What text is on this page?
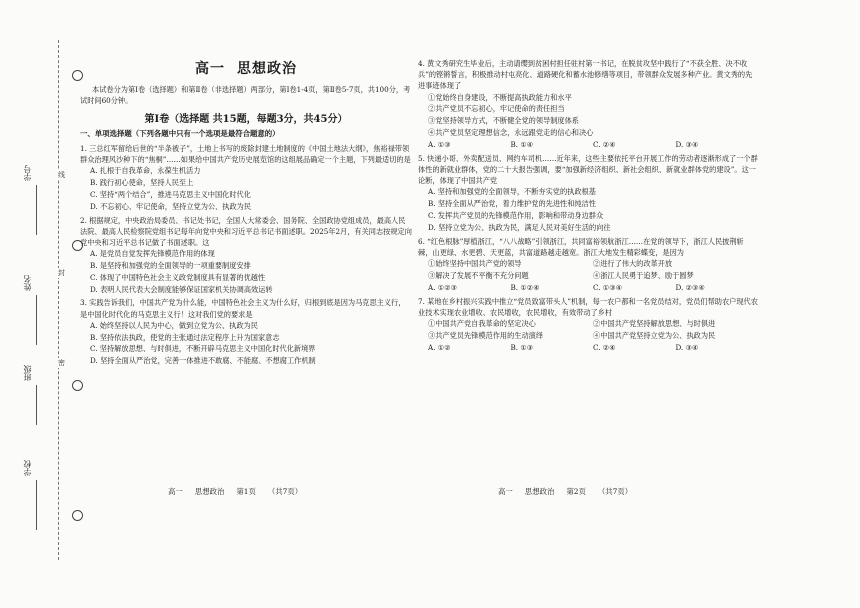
学号
姓名
班级
学校
线
封
密
高一 思想政治

本试卷分为第Ⅰ卷（选择题）和第Ⅱ卷（非选择题）两部分，第Ⅰ卷1-4页，第Ⅱ卷5-7页，共100分，考试时间60分钟。

第Ⅰ卷（选择题 共15题，每题3分，共45分）
一、单项选择题（下列各题中只有一个选项是最符合题意的）
1. 三总红军留给后世的“半条被子”，土地上书写的废除封建土地制度的《中国土地法大纲》，焦裕禄带领群众治理风沙种下的“焦桐”……如果给中国共产党历史展览馆的这组展品确定一个主题，下列最适切的是
A. 扎根于自我革命，永葆生机活力
B. 践行初心使命，坚持人民至上
C. 坚持“两个结合”，推进马克思主义中国化时代化
D. 不忘初心、牢记使命，坚持立党为公、执政为民
2. 根据规定，中央政治局委员、书记处书记，全国人大常委会、国务院、全国政协党组成员，最高人民法院、最高人民检察院党组书记每年向党中央和习近平总书记书面述职。2025年2月，有关同志按规定向党中央和习近平总书记做了书面述职。这
A. 是党员自觉发挥先锋模范作用的体现
B. 是坚持和加强党的全面领导的一项重要制度安排
C. 体现了中国特色社会主义政党制度具有显著的优越性
D. 表明人民代表大会制度能够保证国家机关协调高效运转
3. 实践告诉我们，中国共产党为什么能，中国特色社会主义为什么好，归根到底是因为马克思主义行，是中国化时代化的马克思主义行！这对我们党的要求是
A. 始终坚持以人民为中心，做到立党为公、执政为民
B. 坚持依法执政，使党的主张通过法定程序上升为国家意志
C. 坚持解放思想、与时俱进，不断开辟马克思主义中国化时代化新境界
D. 坚持全面从严治党，完善一体推进不敢腐、不能腐、不想腐工作机制
高一 思想政治 第1页 （共7页）
4. 黄文秀研究生毕业后，主动请缨到贫困村担任驻村第一书记，在脱贫攻坚中践行了“不获全胜、决不收兵”的铿锵誓言，积极推动村屯亮化、道路硬化和蓄水池修缮等项目，带领群众发展多种产业。黄文秀的先进事迹体现了
①党始终自身建设，不断提高执政能力和水平
②共产党员不忘初心，牢记使命的责任担当
③党坚持领导方式，不断健全党的领导制度体系
④共产党员坚定理想信念，永远跟党走的信心和决心
A. ①③	B. ①④	C. ②④	D. ③④
5. 快递小哥、外卖配送员、网约车司机……近年来，这些主要依托平台开展工作的劳动者逐渐形成了一个群体性的新就业群体，党的二十大报告强调，要“加强新经济组织、新社会组织、新就业群体党的建设”。这一论断，体现了中国共产党
A. 坚持和加强党的全面领导，不断夯实党的执政根基
B. 坚持全面从严治党，着力维护党的先进性和纯洁性
C. 发挥共产党员的先锋模范作用，影响和带动身边群众
D. 坚持立党为公、执政为民，满足人民对美好生活的向往
6. “红色根脉”厚植浙江，“八八战略”引领浙江，共同富裕领航浙江……在党的领导下，浙江人民披荆斩棘，山更绿、水更碧、天更蓝，共富道路越走越宽。浙江大地发生精彩蝶变，是因为
①始终坚持中国共产党的领导	②进行了伟大的改革开放
③解决了发展不平衡不充分问题	④浙江人民勇于追梦、励于圆梦
A. ①②③	B. ①②④	C. ①③④	D. ②③④
7. 某地在乡村振兴实践中推立“党员致富带头人”机制，每一农户都和一名党员结对，党员们帮助农户现代农业技术实现农业增收、农民增收，农民增收，有效带动了乡村
①中国共产党自我革命的坚定决心	②中国共产党坚持解放思想、与时俱进
③共产党员先锋模范作用的生动演绎	④中国共产党坚持立党为公、执政为民
A. ①②	B. ①③	C. ②④	D. ③④
高一 思想政治 第2页 （共7页）
